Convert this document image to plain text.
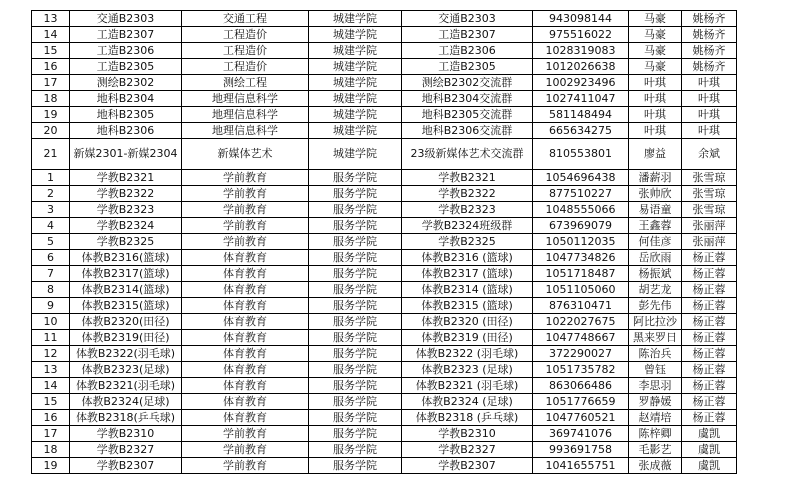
13	交通B2303	交通工程	城建学院	交通B2303	943098144	马豪	姚杨齐
14	工造B2307	工程造价	城建学院	工造B2307	975516022	马豪	姚杨齐
15	工造B2306	工程造价	城建学院	工造B2306	1028319083	马豪	姚杨齐
16	工造B2305	工程造价	城建学院	工造B2305	1012026638	马豪	姚杨齐
17	测绘B2302	测绘工程	城建学院	测绘B2302交流群	1002923496	叶琪	叶琪
18	地科B2304	地理信息科学	城建学院	地科B2304交流群	1027411047	叶琪	叶琪
19	地科B2305	地理信息科学	城建学院	地科B2305交流群	581148494	叶琪	叶琪
20	地科B2306	地理信息科学	城建学院	地科B2306交流群	665634275	叶琪	叶琪
21	新媒2301-新媒2304	新媒体艺术	城建学院	23级新媒体艺术交流群	810553801	廖益	余斌
1	学教B2321	学前教育	服务学院	学教B2321	1054696438	潘薪羽	张雪琼
2	学教B2322	学前教育	服务学院	学教B2322	877510227	张帅欣	张雪琼
3	学教B2323	学前教育	服务学院	学教B2323	1048555066	易语童	张雪琼
4	学教B2324	学前教育	服务学院	学教B2324班级群	673969079	王鑫蓉	张丽萍
5	学教B2325	学前教育	服务学院	学教B2325	1050112035	何佳彦	张丽萍
6	体教B2316(篮球)	体育教育	服务学院	体教B2316 (篮球)	1047734826	岳欣雨	杨正蓉
7	体教B2317(篮球)	体育教育	服务学院	体教B2317 (篮球)	1051718487	杨振斌	杨正蓉
8	体教B2314(篮球)	体育教育	服务学院	体教B2314 (篮球)	1051105060	胡艺龙	杨正蓉
9	体教B2315(篮球)	体育教育	服务学院	体教B2315 (篮球)	876310471	彭先伟	杨正蓉
10	体教B2320(田径)	体育教育	服务学院	体教B2320 (田径)	1022027675	阿比拉沙	杨正蓉
11	体教B2319(田径)	体育教育	服务学院	体教B2319 (田径)	1047748667	黑来罗日	杨正蓉
12	体教B2322(羽毛球)	体育教育	服务学院	体教B2322 (羽毛球)	372290027	陈治兵	杨正蓉
13	体教B2323(足球)	体育教育	服务学院	体教B2323 (足球)	1051735782	曾钰	杨正蓉
14	体教B2321(羽毛球)	体育教育	服务学院	体教B2321 (羽毛球)	863066486	李思羽	杨正蓉
15	体教B2324(足球)	体育教育	服务学院	体教B2324 (足球)	1051776659	罗静媛	杨正蓉
16	体教B2318(乒乓球)	体育教育	服务学院	体教B2318 (乒乓球)	1047760521	赵靖培	杨正蓉
17	学教B2310	学前教育	服务学院	学教B2310	369741076	陈梓卿	虞凯
18	学教B2327	学前教育	服务学院	学教B2327	993691758	毛影艺	虞凯
19	学教B2307	学前教育	服务学院	学教B2307	1041655751	张成薇	虞凯
